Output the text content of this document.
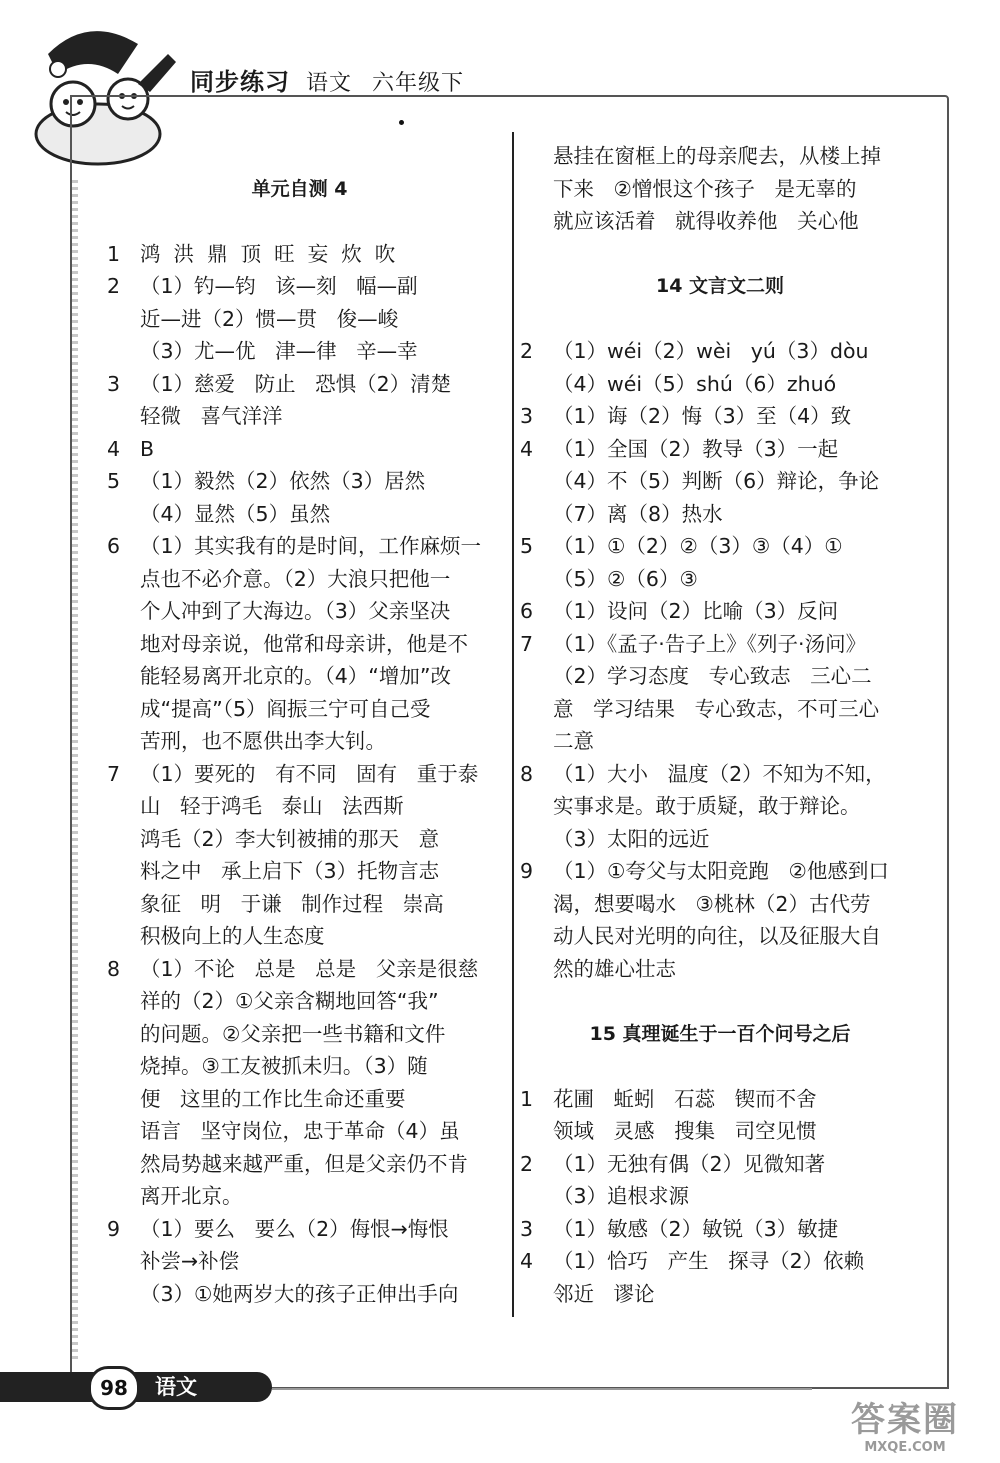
同步练习 语文 六年级下
单元自测 4
1 鸿  洪  鼎  顶  旺  妄  炊  吹
2 （1）钓—钧   该—刻   幅—副
近—进（2）惯—贯   俊—峻
（3）尤—优   津—律   辛—幸
3 （1）慈爱   防止   恐惧（2）清楚
轻微   喜气洋洋
4 B
5 （1）毅然（2）依然（3）居然
（4）显然（5）虽然
6 （1）其实我有的是时间，工作麻烦一
点也不必介意。（2）大浪只把他一
个人冲到了大海边。（3）父亲坚决
地对母亲说，他常和母亲讲，他是不
能轻易离开北京的。（4）“增加”改
成“提高”（5）阎振三宁可自己受
苦刑，也不愿供出李大钊。
7 （1）要死的   有不同   固有   重于泰
山   轻于鸿毛   泰山   法西斯
鸿毛（2）李大钊被捕的那天   意
料之中   承上启下（3）托物言志
象征   明   于谦   制作过程   崇高
积极向上的人生态度
8 （1）不论   总是   总是   父亲是很慈
祥的（2）①父亲含糊地回答“我”
的问题。②父亲把一些书籍和文件
烧掉。③工友被抓未归。（3）随
便   这里的工作比生命还重要
语言   坚守岗位，忠于革命（4）虽
然局势越来越严重，但是父亲仍不肯
离开北京。
9 （1）要么   要么（2）侮恨→悔恨
补尝→补偿
（3）①她两岁大的孩子正伸出手向
悬挂在窗框上的母亲爬去，从楼上掉
下来   ②憎恨这个孩子   是无辜的
就应该活着   就得收养他   关心他
14 文言文二则
2 （1）wéi（2）wèi   yú（3）dòu
（4）wéi（5）shú（6）zhuó
3 （1）诲（2）悔（3）至（4）致
4 （1）全国（2）教导（3）一起
（4）不（5）判断（6）辩论，争论
（7）离（8）热水
5 （1）①（2）②（3）③（4）①
（5）②（6）③
6 （1）设问（2）比喻（3）反问
7 （1）《孟子·告子上》《列子·汤问》
（2）学习态度   专心致志   三心二
意   学习结果   专心致志，不可三心
二意
8 （1）大小   温度（2）不知为不知，
实事求是。敢于质疑，敢于辩论。
（3）太阳的远近
9 （1）①夸父与太阳竞跑   ②他感到口
渴，想要喝水   ③桃林（2）古代劳
动人民对光明的向往，以及征服大自
然的雄心壮志
15 真理诞生于一百个问号之后
1 花圃   蚯蚓   石蕊   锲而不舍
领域   灵感   搜集   司空见惯
2 （1）无独有偶（2）见微知著
（3）追根求源
3 （1）敏感（2）敏锐（3）敏捷
4 （1）恰巧   产生   探寻（2）依赖
邻近   谬论
98	语文
答案圈
MXQE.COM
